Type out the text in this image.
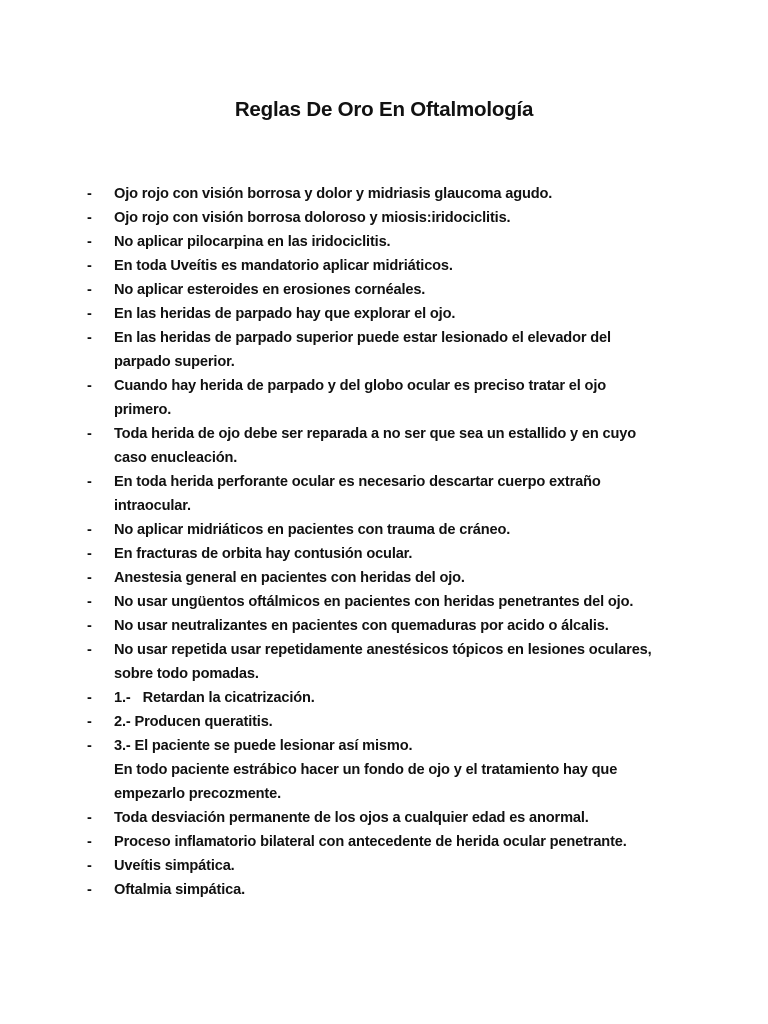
Reglas De Oro En Oftalmología
- Ojo rojo con visión borrosa y dolor y midriasis glaucoma agudo.
- Ojo rojo con visión borrosa doloroso y miosis:iridociclitis.
- No aplicar pilocarpina en las iridociclitis.
- En toda Uveítis es mandatorio aplicar midriáticos.
- No aplicar esteroides en erosiones cornéales.
- En las heridas de parpado hay que explorar el ojo.
- En las heridas de parpado superior puede estar lesionado el elevador del
parpado superior.
- Cuando hay herida de parpado y del globo ocular es preciso tratar el ojo
primero.
- Toda herida de ojo debe ser reparada a no ser que sea un estallido y en cuyo
caso enucleación.
- En toda herida perforante ocular es necesario descartar cuerpo extraño
intraocular.
- No aplicar midriáticos en pacientes con trauma de cráneo.
- En fracturas de orbita hay contusión ocular.
- Anestesia general en pacientes con heridas del ojo.
- No usar ungüentos oftálmicos en pacientes con heridas penetrantes del ojo.
- No usar neutralizantes en pacientes con quemaduras por acido o álcalis.
- No usar repetida usar repetidamente anestésicos tópicos en lesiones oculares,
sobre todo pomadas.
- 1.- Retardan la cicatrización.
- 2.- Producen queratitis.
- 3.- El paciente se puede lesionar así mismo.
En todo paciente estrábico hacer un fondo de ojo y el tratamiento hay que
empezarlo precozmente.
- Toda desviación permanente de los ojos a cualquier edad es anormal.
- Proceso inflamatorio bilateral con antecedente de herida ocular penetrante.
- Uveítis simpática.
- Oftalmia simpática.
